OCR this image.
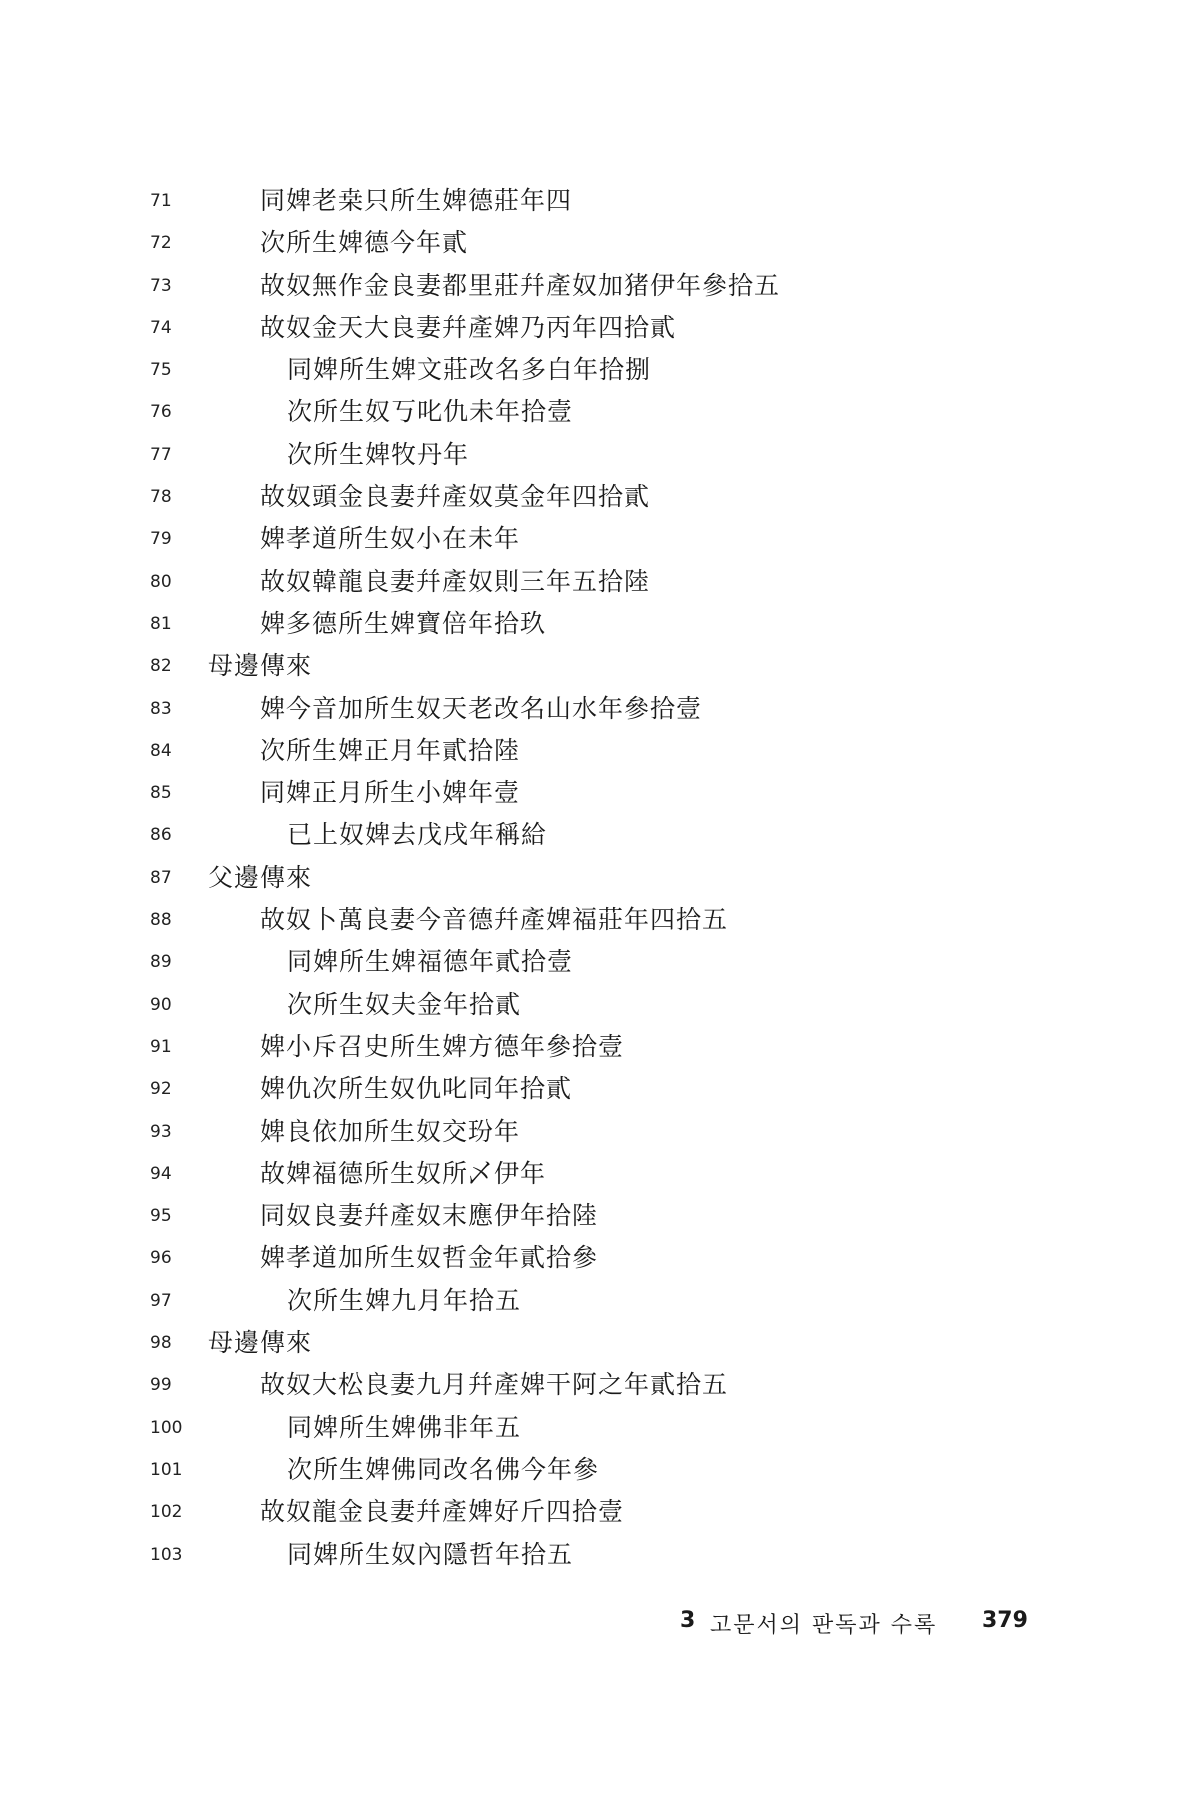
71	同婢老桒只所生婢德莊年四
72	次所生婢德今年貳
73	故奴無作金良妻都里莊幷產奴加猪伊年參拾五
74	故奴金天大良妻幷產婢乃丙年四拾貳
75	同婢所生婢文莊改名多白年拾捌
76	次所生奴丂叱仇未年拾壹
77	次所生婢牧丹年
78	故奴頭金良妻幷產奴莫金年四拾貳
79	婢孝道所生奴小在未年
80	故奴韓龍良妻幷產奴則三年五拾陸
81	婢多德所生婢寶倍年拾玖
82 母邊傳來
83	婢今音加所生奴天老改名山水年參拾壹
84	次所生婢正月年貳拾陸
85	同婢正月所生小婢年壹
86	已上奴婢去戊戌年稱給
87 父邊傳來
88	故奴卜萬良妻今音德幷產婢福莊年四拾五
89	同婢所生婢福德年貳拾壹
90	次所生奴夫金年拾貳
91	婢小斥召史所生婢方德年參拾壹
92	婢仇次所生奴仇叱同年拾貳
93	婢良依加所生奴交玢年
94	故婢福德所生奴所乄伊年
95	同奴良妻幷產奴末應伊年拾陸
96	婢孝道加所生奴哲金年貳拾參
97	次所生婢九月年拾五
98 母邊傳來
99	故奴大松良妻九月幷產婢干阿之年貳拾五
100	同婢所生婢佛非年五
101	次所生婢佛同改名佛今年參
102	故奴龍金良妻幷產婢好斤四拾壹
103	同婢所生奴內隱哲年拾五
3 고문서의 판독과 수록 379
